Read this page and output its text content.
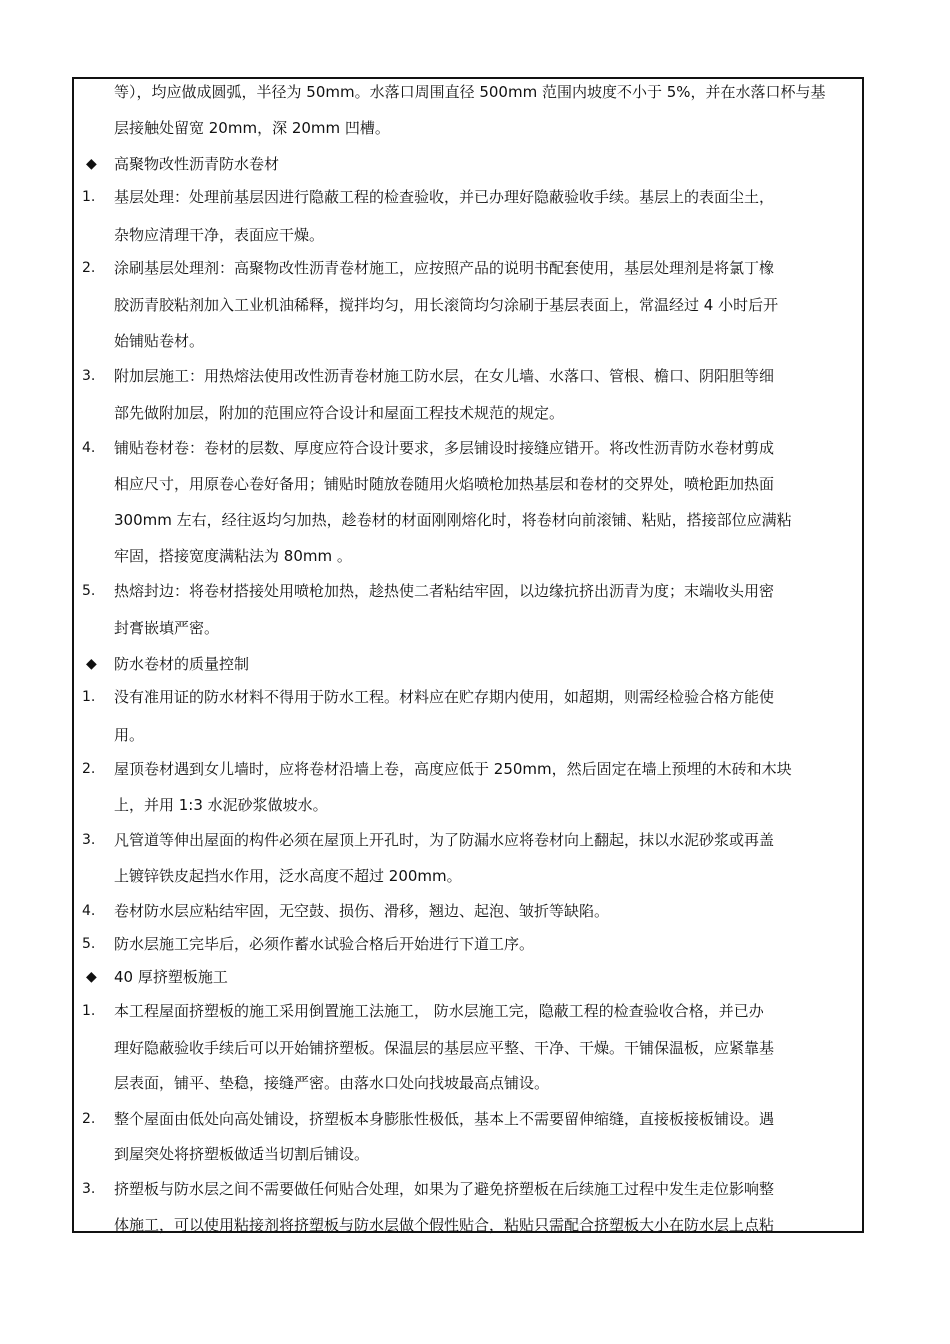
等），均应做成圆弧，半径为 50mm。水落口周围直径 500mm 范围内坡度不小于 5%，并在水落口杯与基
层接触处留宽 20mm，深 20mm 凹槽。
◆ 高聚物改性沥青防水卷材
1. 基层处理：处理前基层因进行隐蔽工程的检查验收，并已办理好隐蔽验收手续。基层上的表面尘土，
杂物应清理干净，表面应干燥。
2. 涂刷基层处理剂：高聚物改性沥青卷材施工，应按照产品的说明书配套使用，基层处理剂是将氯丁橡
胶沥青胶粘剂加入工业机油稀释，搅拌均匀，用长滚筒均匀涂刷于基层表面上，常温经过 4 小时后开
始铺贴卷材。
3. 附加层施工：用热熔法使用改性沥青卷材施工防水层，在女儿墙、水落口、管根、檐口、阴阳胆等细
部先做附加层，附加的范围应符合设计和屋面工程技术规范的规定。
4. 铺贴卷材卷：卷材的层数、厚度应符合设计要求，多层铺设时接缝应错开。将改性沥青防水卷材剪成
相应尺寸，用原卷心卷好备用；铺贴时随放卷随用火焰喷枪加热基层和卷材的交界处，喷枪距加热面
300mm 左右，经往返均匀加热，趁卷材的材面刚刚熔化时，将卷材向前滚铺、粘贴，搭接部位应满粘
牢固，搭接宽度满粘法为 80mm 。
5. 热熔封边：将卷材搭接处用喷枪加热，趁热使二者粘结牢固，以边缘抗挤出沥青为度；末端收头用密
封膏嵌填严密。
◆ 防水卷材的质量控制
1. 没有准用证的防水材料不得用于防水工程。材料应在贮存期内使用，如超期，则需经检验合格方能使
用。
2. 屋顶卷材遇到女儿墙时，应将卷材沿墙上卷，高度应低于 250mm，然后固定在墙上预埋的木砖和木块
上，并用 1:3 水泥砂浆做坡水。
3. 凡管道等伸出屋面的构件必须在屋顶上开孔时，为了防漏水应将卷材向上翻起，抹以水泥砂浆或再盖
上镀锌铁皮起挡水作用，泛水高度不超过 200mm。
4. 卷材防水层应粘结牢固，无空鼓、损伤、滑移，翘边、起泡、皱折等缺陷。
5. 防水层施工完毕后，必须作蓄水试验合格后开始进行下道工序。
◆ 40 厚挤塑板施工
1. 本工程屋面挤塑板的施工采用倒置施工法施工， 防水层施工完，隐蔽工程的检查验收合格，并已办
理好隐蔽验收手续后可以开始铺挤塑板。保温层的基层应平整、干净、干燥。干铺保温板，应紧靠基
层表面，铺平、垫稳，接缝严密。由落水口处向找坡最高点铺设。
2. 整个屋面由低处向高处铺设，挤塑板本身膨胀性极低，基本上不需要留伸缩缝，直接板接板铺设。遇
到屋突处将挤塑板做适当切割后铺设。
3. 挤塑板与防水层之间不需要做任何贴合处理，如果为了避免挤塑板在后续施工过程中发生走位影响整
体施工，可以使用粘接剂将挤塑板与防水层做个假性贴合，粘贴只需配合挤塑板大小在防水层上点粘
